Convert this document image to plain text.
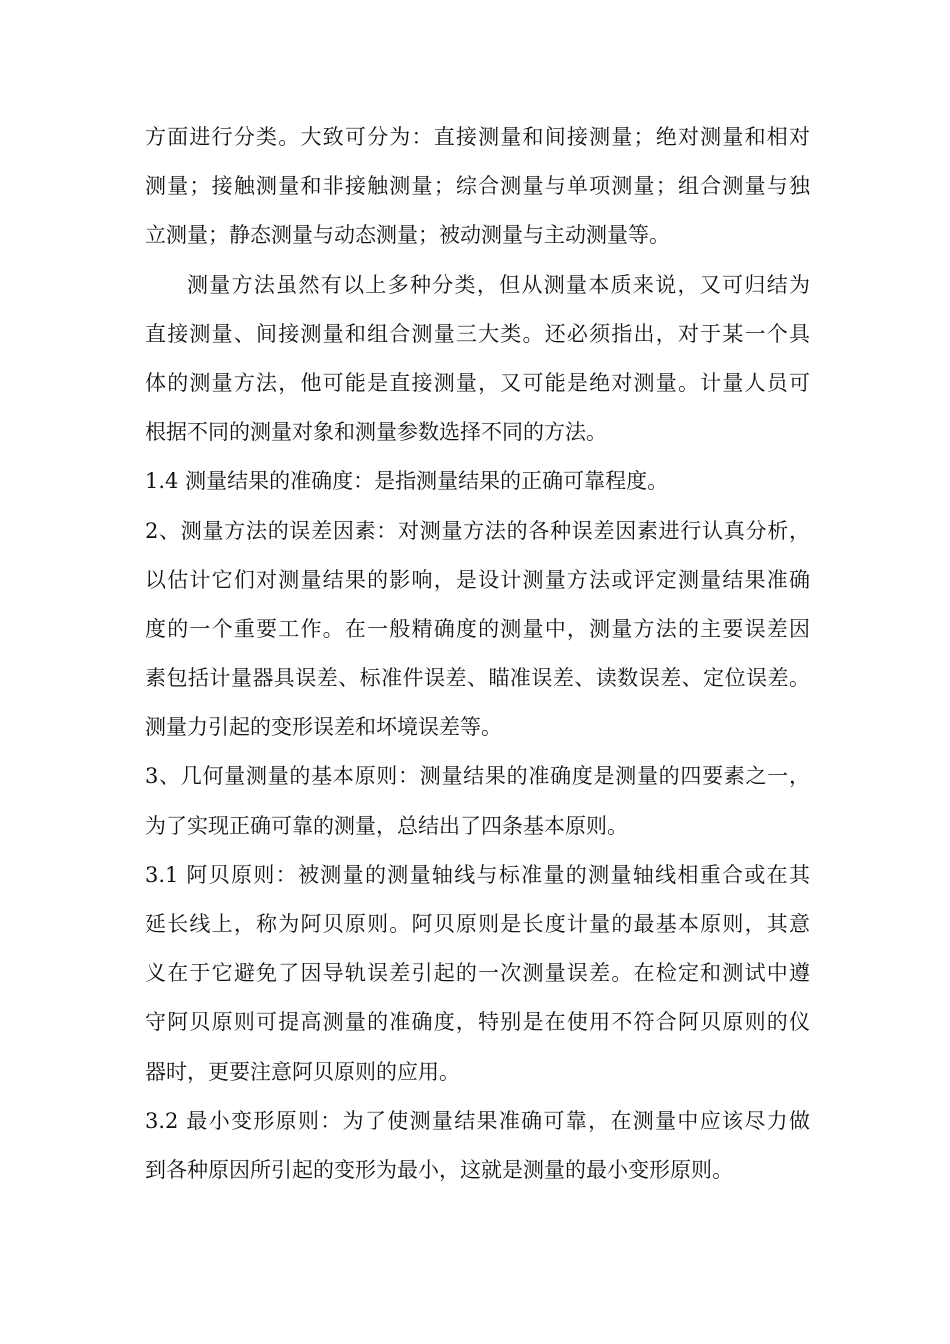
方面进行分类。大致可分为：直接测量和间接测量；绝对测量和相对
测量；接触测量和非接触测量；综合测量与单项测量；组合测量与独
立测量；静态测量与动态测量；被动测量与主动测量等。
测量方法虽然有以上多种分类，但从测量本质来说，又可归结为
直接测量、间接测量和组合测量三大类。还必须指出，对于某一个具
体的测量方法，他可能是直接测量，又可能是绝对测量。计量人员可
根据不同的测量对象和测量参数选择不同的方法。
1.4 测量结果的准确度：是指测量结果的正确可靠程度。
2、测量方法的误差因素：对测量方法的各种误差因素进行认真分析，
以估计它们对测量结果的影响，是设计测量方法或评定测量结果准确
度的一个重要工作。在一般精确度的测量中，测量方法的主要误差因
素包括计量器具误差、标准件误差、瞄准误差、读数误差、定位误差。
测量力引起的变形误差和坏境误差等。
3、几何量测量的基本原则：测量结果的准确度是测量的四要素之一，
为了实现正确可靠的测量，总结出了四条基本原则。
3.1 阿贝原则：被测量的测量轴线与标准量的测量轴线相重合或在其
延长线上，称为阿贝原则。阿贝原则是长度计量的最基本原则，其意
义在于它避免了因导轨误差引起的一次测量误差。在检定和测试中遵
守阿贝原则可提高测量的准确度，特别是在使用不符合阿贝原则的仪
器时，更要注意阿贝原则的应用。
3.2 最小变形原则：为了使测量结果准确可靠，在测量中应该尽力做
到各种原因所引起的变形为最小，这就是测量的最小变形原则。
